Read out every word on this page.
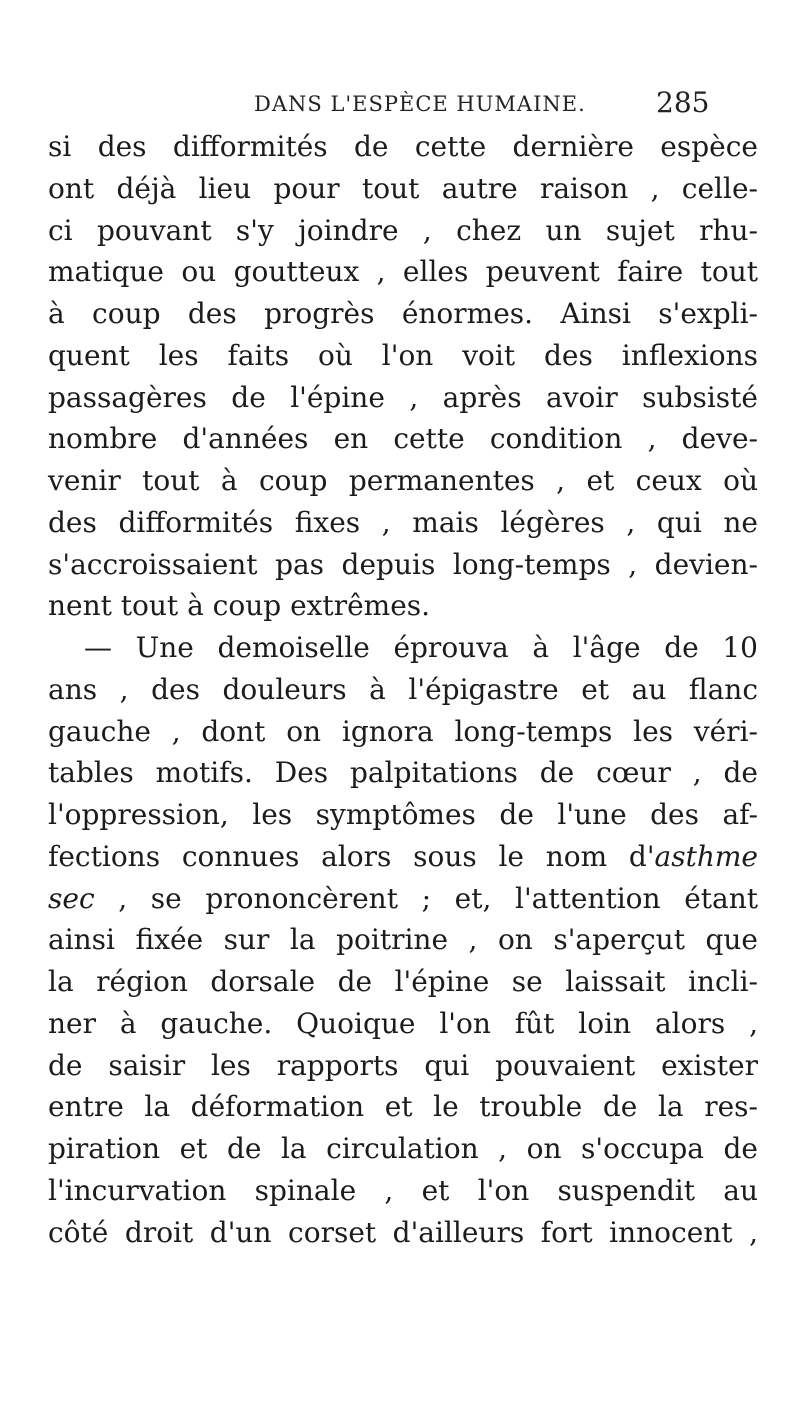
DANS L'ESPÈCE HUMAINE.	285
si des difformités de cette dernière espèce
ont déjà lieu pour tout autre raison , celle-
ci pouvant s'y joindre , chez un sujet rhu-
matique ou goutteux , elles peuvent faire tout
à coup des progrès énormes. Ainsi s'expli-
quent les faits où l'on voit des inflexions
passagères de l'épine , après avoir subsisté
nombre d'années en cette condition , deve-
venir tout à coup permanentes , et ceux où
des difformités fixes , mais légères , qui ne
s'accroissaient pas depuis long-temps , devien-
nent tout à coup extrêmes.
— Une demoiselle éprouva à l'âge de 10
ans , des douleurs à l'épigastre et au flanc
gauche , dont on ignora long-temps les véri-
tables motifs. Des palpitations de cœur , de
l'oppression, les symptômes de l'une des af-
fections connues alors sous le nom d'asthme
sec , se prononcèrent ; et, l'attention étant
ainsi fixée sur la poitrine , on s'aperçut que
la région dorsale de l'épine se laissait incli-
ner à gauche. Quoique l'on fût loin alors ,
de saisir les rapports qui pouvaient exister
entre la déformation et le trouble de la res-
piration et de la circulation , on s'occupa de
l'incurvation spinale , et l'on suspendit au
côté droit d'un corset d'ailleurs fort innocent ,
